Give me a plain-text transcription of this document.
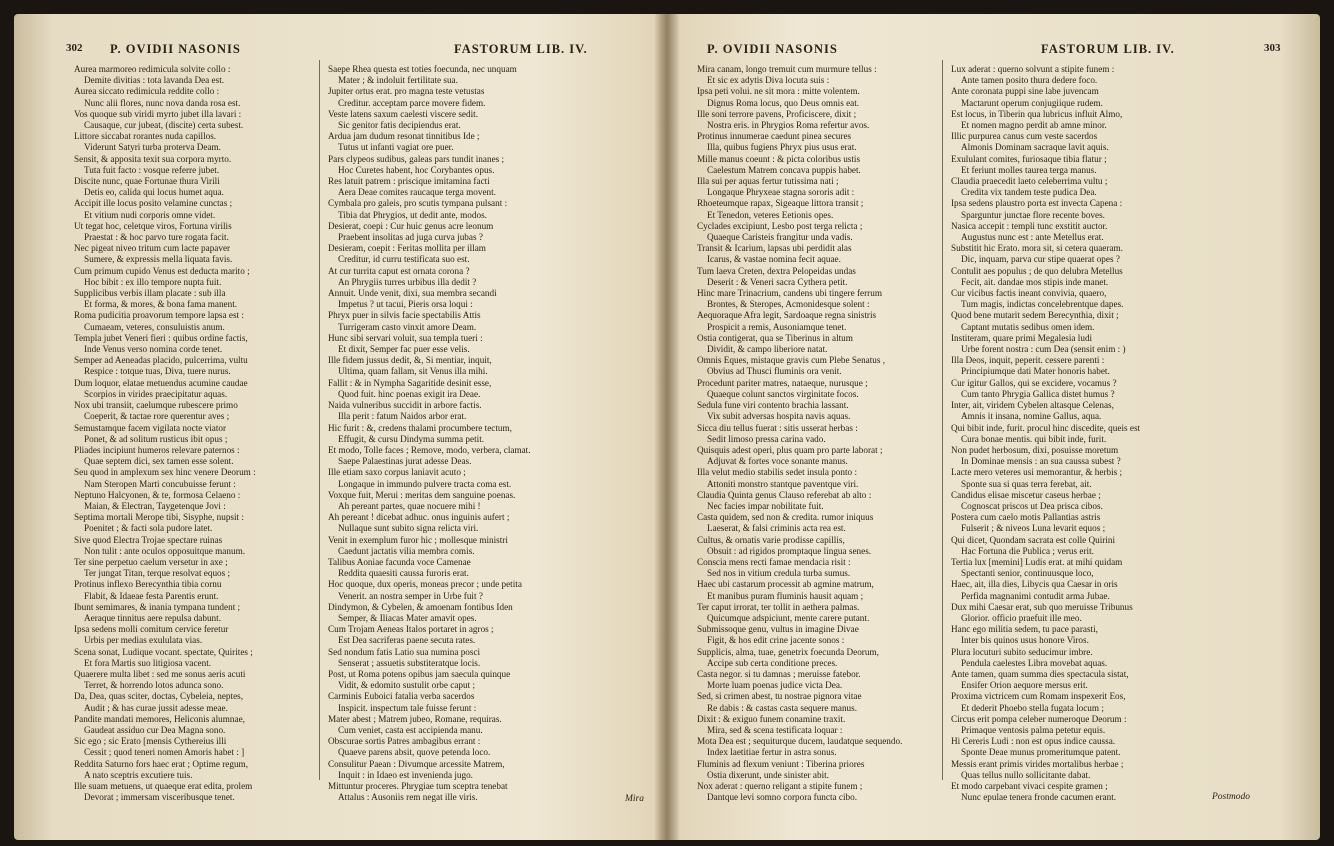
302 P. OVIDII NASONIS	FASTORUM LIB. IV.

Aurea marmoreo redimicula solvite collo :

Demite divitias : tota lavanda Dea est.

Aurea siccato redimicula reddite collo :

Nunc alii flores, nunc nova danda rosa est.

Vos quoque sub viridi myrto jubet illa lavari :

Causaque, cur jubeat, (discite) certa subest.

Littore siccabat rorantes nuda capillos.

Viderunt Satyri turba proterva Deam.

Sensit, & apposita texit sua corpora myrto.

Tuta fuit facto : vosque referre jubet.

Discite nunc, quae Fortunae thura Virili

Detis eo, calida qui locus humet aqua.

Accipit ille locus posito velamine cunctas ;

Et vitium nudi corporis omne videt.

Ut tegat hoc, celetque viros, Fortuna virilis

Praestat : & hoc parvo ture rogata facit.

Nec pigeat niveo tritum cum lacte papaver

Sumere, & expressis mella liquata favis.

Cum primum cupido Venus est deducta marito ;

Hoc bibit : ex illo tempore nupta fuit.

Supplicibus verbis illam placate : sub illa

Et forma, & mores, & bona fama manent.

Roma pudicitia proavorum tempore lapsa est :

Cumaeam, veteres, consuluistis anum.

Templa jubet Veneri fieri : quibus ordine factis,

Inde Venus verso nomina corde tenet.

Semper ad Aeneadas placido, pulcerrima, vultu

Respice : totque tuas, Diva, tuere nurus.

Dum loquor, elatae metuendus acumine caudae

Scorpios in virides praecipitatur aquas.

Nox ubi transiit, caelumque rubescere primo

Coeperit, & tactae rore querentur aves ;

Semustamque facem vigilata nocte viator

Ponet, & ad solitum rusticus ibit opus ;

Pliades incipiunt humeros relevare paternos :

Quae septem dici, sex tamen esse solent.

Seu quod in amplexum sex hinc venere Deorum :

Nam Steropen Marti concubuisse ferunt :

Neptuno Halcyonen, & te, formosa Celaeno :

Maian, & Electran, Taygetenque Jovi :

Septima mortali Merope tibi, Sisyphe, nupsit :

Poenitet ; & facti sola pudore latet.

Sive quod Electra Trojae spectare ruinas

Non tulit : ante oculos opposuitque manum.

Ter sine perpetuo caelum versetur in axe ;

Ter jungat Titan, terque resolvat equos ;

Protinus inflexo Berecynthia tibia cornu

Flabit, & Idaeae festa Parentis erunt.

Ibunt semimares, & inania tympana tundent ;

Aeraque tinnitus aere repulsa dabunt.

Ipsa sedens molli comitum cervice feretur

Urbis per medias exululata vias.

Scena sonat, Ludique vocant. spectate, Quirites ;

Et fora Martis suo litigiosa vacent.

Quaerere multa libet : sed me sonus aeris acuti

Terret, & horrendo lotos adunca sono.

Da, Dea, quas sciter, doctas, Cybeleia, neptes,

Audit ; & has curae jussit adesse meae.

Pandite mandati memores, Heliconis alumnae,

Gaudeat assiduo cur Dea Magna sono.

Sic ego ; sic Erato [mensis Cythereius illi

Cessit ; quod teneri nomen Amoris habet : ]

Reddita Saturno fors haec erat ; Optime regum,

A nato sceptris excutiere tuis.

Ille suam metuens, ut quaeque erat edita, prolem

Devorat ; immersam visceribusque tenet.

Saepe Rhea questa est toties foecunda, nec unquam

Mater ; & indoluit fertilitate sua.

Jupiter ortus erat. pro magna teste vetustas

Creditur. acceptam parce movere fidem.

Veste latens saxum caelesti viscere sedit.

Sic genitor fatis decipiendus erat.

Ardua jam dudum resonat tinnitibus Ide ;

Tutus ut infanti vagiat ore puer.

Pars clypeos sudibus, galeas pars tundit inanes ;

Hoc Curetes habent, hoc Corybantes opus.

Res latuit patrem : priscique imitamina facti

Aera Deae comites raucaque terga movent.

Cymbala pro galeis, pro scutis tympana pulsant :

Tibia dat Phrygios, ut dedit ante, modos.

Desierat, coepi : Cur huic genus acre leonum

Praebent insolitas ad juga curva jubas ?

Desieram, coepit : Feritas mollita per illam

Creditur, id curru testificata suo est.

At cur turrita caput est ornata corona ?

An Phrygiis turres urbibus illa dedit ?

Annuit. Unde venit, dixi, sua membra secandi

Impetus ? ut tacui, Pieris orsa loqui :

Phryx puer in silvis facie spectabilis Attis

Turrigeram casto vinxit amore Deam.

Hunc sibi servari voluit, sua templa tueri :

Et dixit, Semper fac puer esse velis.

Ille fidem jussus dedit, &, Si mentiar, inquit,

Ultima, quam fallam, sit Venus illa mihi.

Fallit : & in Nympha Sagaritide desinit esse,

Quod fuit. hinc poenas exigit ira Deae.

Naida vulneribus succidit in arbore factis.

Illa perit : fatum Naidos arbor erat.

Hic furit : &, credens thalami procumbere tectum,

Effugit, & cursu Dindyma summa petit.

Et modo, Tolle faces ; Remove, modo, verbera, clamat.

Saepe Palaestinas jurat adesse Deas.

Ille etiam saxo corpus laniavit acuto ;

Longaque in immundo pulvere tracta coma est.

Voxque fuit, Merui : meritas dem sanguine poenas.

Ah pereant partes, quae nocuere mihi !

Ah pereant ! dicebat adhuc. onus inguinis aufert ;

Nullaque sunt subito signa relicta viri.

Venit in exemplum furor hic ; mollesque ministri

Caedunt jactatis vilia membra comis.

Talibus Aoniae facunda voce Camenae

Reddita quaesiti caussa furoris erat.

Hoc quoque, dux operis, moneas precor ; unde petita

Venerit. an nostra semper in Urbe fuit ?

Dindymon, & Cybelen, & amoenam fontibus Iden

Semper, & Iliacas Mater amavit opes.

Cum Trojam Aeneas Italos portaret in agros ;

Est Dea sacriferas paene secuta rates.

Sed nondum fatis Latio sua numina posci

Senserat ; assuetis substiteratque locis.

Post, ut Roma potens opibus jam saecula quinque

Vidit, & edomito sustulit orbe caput ;

Carminis Euboici fatalia verba sacerdos

Inspicit. inspectum tale fuisse ferunt :

Mater abest ; Matrem jubeo, Romane, requiras.

Cum veniet, casta est accipienda manu.

Obscurae sortis Patres ambagibus errant :

Quaeve parens absit, quove petenda loco.

Consulitur Paean : Divumque arcessite Matrem,

Inquit : in Idaeo est invenienda jugo.

Mittuntur proceres. Phrygiae tum sceptra tenebat

Attalus : Ausoniis rem negat ille viris.	Mira
P. OVIDII NASONIS	FASTORUM LIB. IV.	303

Mira canam, longo tremuit cum murmure tellus :

Et sic ex adytis Diva locuta suis :

Ipsa peti volui. ne sit mora : mitte volentem.

Dignus Roma locus, quo Deus omnis eat.

Ille soni terrore pavens, Proficiscere, dixit ;

Nostra eris. in Phrygios Roma refertur avos.

Protinus innumerae caedunt pinea secures

Illa, quibus fugiens Phryx pius usus erat.

Mille manus coeunt : & picta coloribus ustis

Caelestum Matrem concava puppis habet.

Illa sui per aquas fertur tutissima nati ;

Longaque Phryxeae stagna sororis adit :

Rhoeteumque rapax, Sigeaque littora transit ;

Et Tenedon, veteres Eetionis opes.

Cyclades excipiunt, Lesbo post terga relicta ;

Quaeque Caristeis frangitur unda vadis.

Transit & Icarium, lapsas ubi perdidit alas

Icarus, & vastae nomina fecit aquae.

Tum laeva Creten, dextra Pelopeidas undas

Deserit : & Veneri sacra Cythera petit.

Hinc mare Trinacrium, candens ubi tingere ferrum

Brontes, & Steropes, Acmonidesque solent :

Aequoraque Afra legit, Sardoaque regna sinistris

Prospicit a remis, Ausoniamque tenet.

Ostia contigerat, qua se Tiberinus in altum

Dividit, & campo liberiore natat.

Omnis Eques, mistaque gravis cum Plebe Senatus ,

Obvius ad Thusci fluminis ora venit.

Procedunt pariter matres, nataeque, nurusque ;

Quaeque colunt sanctos virginitate focos.

Sedula fune viri contento brachia lassant.

Vix subit adversas hospita navis aquas.

Sicca diu tellus fuerat : sitis usserat herbas :

Sedit limoso pressa carina vado.

Quisquis adest operi, plus quam pro parte laborat ;

Adjuvat & fortes voce sonante manus.

Illa velut medio stabilis sedet insula ponto :

Attoniti monstro stantque paventque viri.

Claudia Quinta genus Clauso referebat ab alto :

Nec facies impar nobilitate fuit.

Casta quidem, sed non & credita. rumor iniquus

Laeserat, & falsi criminis acta rea est.

Cultus, & ornatis varie prodisse capillis,

Obsuit : ad rigidos promptaque lingua senes.

Conscia mens recti famae mendacia risit :

Sed nos in vitium credula turba sumus.

Haec ubi castarum processit ab agmine matrum,

Et manibus puram fluminis hausit aquam ;

Ter caput irrorat, ter tollit in aethera palmas.

Quicumque adspiciunt, mente carere putant.

Submissoque genu, vultus in imagine Divae

Figit, & hos edit crine jacente sonos :

Supplicis, alma, tuae, genetrix foecunda Deorum,

Accipe sub certa conditione preces.

Casta negor. si tu damnas ; meruisse fatebor.

Morte luam poenas judice victa Dea.

Sed, si crimen abest, tu nostrae pignora vitae

Re dabis : & castas casta sequere manus.

Dixit : & exiguo funem conamine traxit.

Mira, sed & scena testificata loquar :

Mota Dea est ; sequiturque ducem, laudatque sequendo.

Index laetitiae fertur in astra sonus.

Fluminis ad flexum veniunt : Tiberina priores

Ostia dixerunt, unde sinister abit.

Nox aderat : querno religant a stipite funem ;

Dantque levi somno corpora functa cibo.

Lux aderat : querno solvunt a stipite funem :

Ante tamen posito thura dedere foco.

Ante coronata puppi sine labe juvencam

Mactarunt operum conjugiique rudem.

Est locus, in Tiberin qua lubricus influit Almo,

Et nomen magno perdit ab amne minor.

Illic purpurea canus cum veste sacerdos

Almonis Dominam sacraque lavit aquis.

Exululant comites, furiosaque tibia flatur ;

Et feriunt molles taurea terga manus.

Claudia praecedit laeto celeberrima vultu ;

Credita vix tandem teste pudica Dea.

Ipsa sedens plaustro porta est invecta Capena :

Sparguntur junctae flore recente boves.

Nasica accepit : templi tunc exstitit auctor.

Augustus nunc est : ante Metellus erat.

Substitit hic Erato. mora sit, si cetera quaeram.

Dic, inquam, parva cur stipe quaerat opes ?

Contulit aes populus ; de quo delubra Metellus

Fecit, ait. dandae mos stipis inde manet.

Cur vicibus factis ineant convivia, quaero,

Tum magis, indictas concelebrentque dapes.

Quod bene mutarit sedem Berecynthia, dixit ;

Captant mutatis sedibus omen idem.

Institeram, quare primi Megalesia ludi

Urbe forent nostra : cum Dea (sensit enim : )

Illa Deos, inquit, peperit. cessere parenti :

Principiumque dati Mater honoris habet.

Cur igitur Gallos, qui se excidere, vocamus ?

Cum tanto Phrygia Gallica distet humus ?

Inter, ait, viridem Cybelen altasque Celenas,

Amnis it insana, nomine Gallus, aqua.

Qui bibit inde, furit. procul hinc discedite, queis est

Cura bonae mentis. qui bibit inde, furit.

Non pudet herbosum, dixi, posuisse moretum

In Dominae mensis : an sua caussa subest ?

Lacte mero veteres usi memorantur, & herbis ;

Sponte sua si quas terra ferebat, ait.

Candidus elisae miscetur caseus herbae ;

Cognoscat priscos ut Dea prisca cibos.

Postera cum caelo motis Pallantias astris

Fulserit ; & niveos Luna levarit equos ;

Qui dicet, Quondam sacrata est colle Quirini

Hac Fortuna die Publica ; verus erit.

Tertia lux [memini] Ludis erat. at mihi quidam

Spectanti senior, continuusque loco,

Haec, ait, illa dies, Libycis qua Caesar in oris

Perfida magnanimi contudit arma Jubae.

Dux mihi Caesar erat, sub quo meruisse Tribunus

Glorior. officio praefuit ille meo.

Hanc ego militia sedem, tu pace parasti,

Inter bis quinos usus honore Viros.

Plura locuturi subito seducimur imbre.

Pendula caelestes Libra movebat aquas.

Ante tamen, quam summa dies spectacula sistat,

Ensifer Orion aequore mersus erit.

Proxima victricem cum Romam inspexerit Eos,

Et dederit Phoebo stella fugata locum ;

Circus erit pompa celeber numeroque Deorum :

Primaque ventosis palma petetur equis.

Hi Cereris Ludi : non est opus indice caussa.

Sponte Deae munus promeritumque patent.

Messis erant primis virides mortalibus herbae ;

Quas tellus nullo sollicitante dabat.

Et modo carpebant vivaci cespite gramen ;

Nunc epulae tenera fronde cacumen erant.	Postmodo
